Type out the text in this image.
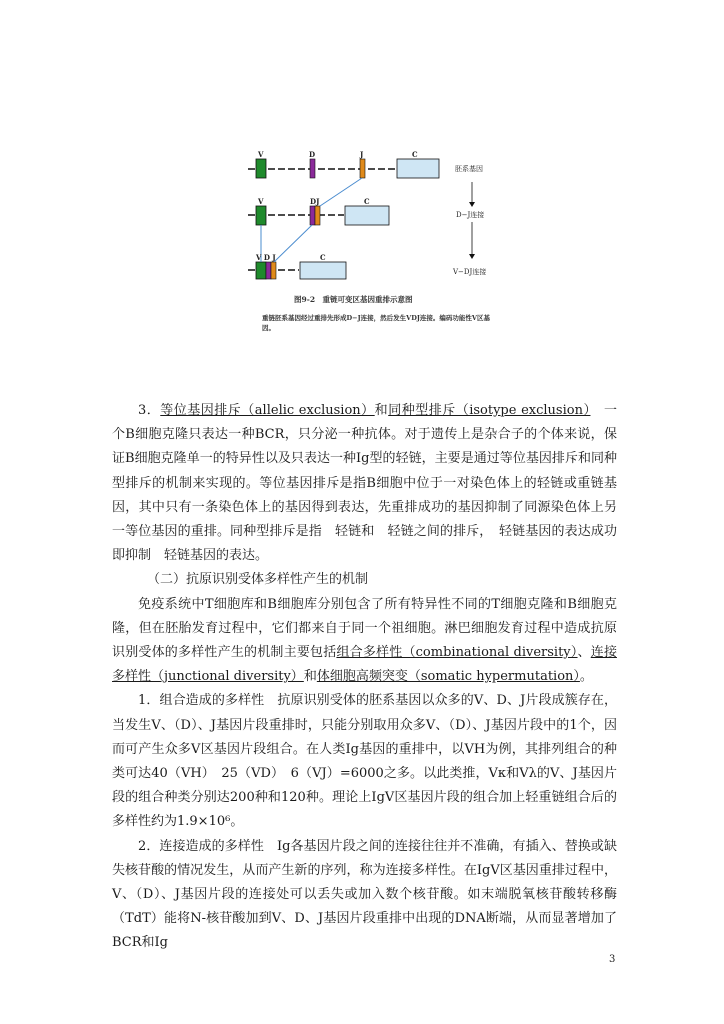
V	D	J	C
V	DJ	C
V D J	C
胚系基因
D−J连接
V−DJ连接
图9-2　重链可变区基因重排示意图
重链胚系基因经过重排先形成D−J连接，然后发生VDJ连接。编码功能性V区基因。

3．等位基因排斥（allelic exclusion）和同种型排斥（isotype exclusion）　一个B细胞克隆只表达一种BCR，只分泌一种抗体。对于遗传上是杂合子的个体来说，保证B细胞克隆单一的特异性以及只表达一种Ig型的轻链，主要是通过等位基因排斥和同种型排斥的机制来实现的。等位基因排斥是指B细胞中位于一对染色体上的轻链或重链基因，其中只有一条染色体上的基因得到表达，先重排成功的基因抑制了同源染色体上另一等位基因的重排。同种型排斥是指　轻链和　轻链之间的排斥，　轻链基因的表达成功即抑制　轻链基因的表达。

（二）抗原识别受体多样性产生的机制

免疫系统中T细胞库和B细胞库分别包含了所有特异性不同的T细胞克隆和B细胞克隆，但在胚胎发育过程中，它们都来自于同一个祖细胞。淋巴细胞发育过程中造成抗原识别受体的多样性产生的机制主要包括组合多样性（combinational diversity）、连接多样性（junctional diversity）和体细胞高频突变（somatic hypermutation）。

1．组合造成的多样性　抗原识别受体的胚系基因以众多的V、D、J片段成簇存在，当发生V、（D）、J基因片段重排时，只能分别取用众多V、（D）、J基因片段中的1个，因而可产生众多V区基因片段组合。在人类Ig基因的重排中，以VH为例，其排列组合的种类可达40（VH）　25（VD）　6（VJ）=6000之多。以此类推，Vκ和Vλ的V、J基因片段的组合种类分别达200种和120种。理论上IgV区基因片段的组合加上轻重链组合后的多样性约为1.9×10⁶。

2．连接造成的多样性　Ig各基因片段之间的连接往往并不准确，有插入、替换或缺失核苷酸的情况发生，从而产生新的序列，称为连接多样性。在IgV区基因重排过程中，V、（D）、J基因片段的连接处可以丢失或加入数个核苷酸。如末端脱氧核苷酸转移酶（TdT）能将N-核苷酸加到V、D、J基因片段重排中出现的DNA断端，从而显著增加了BCR和Ig

3
